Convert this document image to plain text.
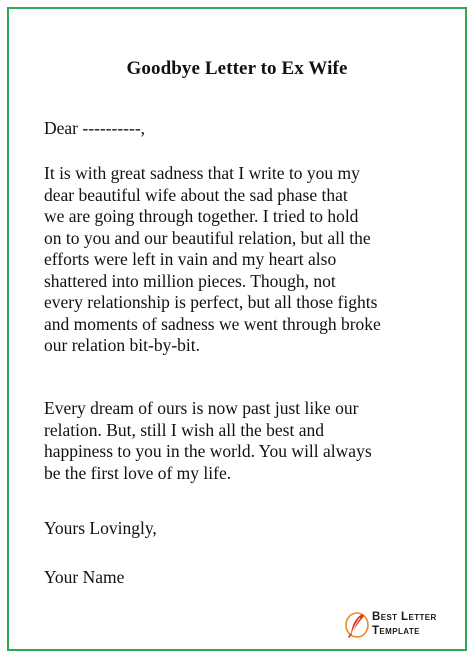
Goodbye Letter to Ex Wife
Dear ----------,
It is with great sadness that I write to you my
dear beautiful wife about the sad phase that
we are going through together. I tried to hold
on to you and our beautiful relation, but all the
efforts were left in vain and my heart also
shattered into million pieces. Though, not
every relationship is perfect, but all those fights
and moments of sadness we went through broke
our relation bit-by-bit.
Every dream of ours is now past just like our
relation. But, still I wish all the best and
happiness to you in the world. You will always
be the first love of my life.
Yours Lovingly,
Your Name
Best Letter
Template
